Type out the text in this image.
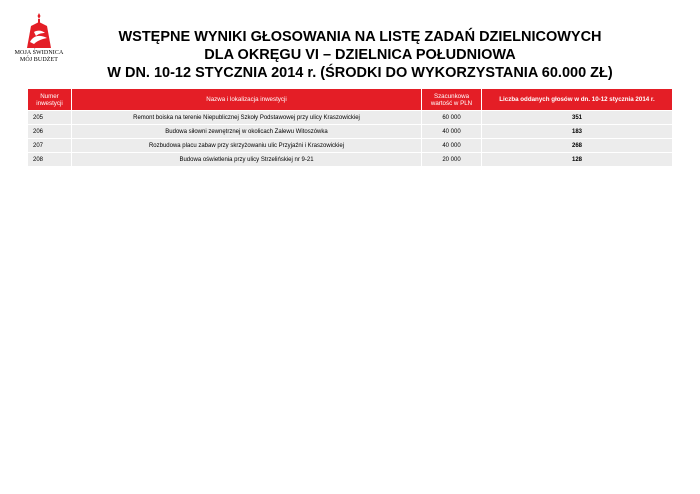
MOJA ŚWIDNICA
MÓJ BUDŻET
WSTĘPNE WYNIKI GŁOSOWANIA NA LISTĘ ZADAŃ DZIELNICOWYCH
DLA OKRĘGU VI – DZIELNICA POŁUDNIOWA
W DN. 10-12 STYCZNIA 2014 r. (ŚRODKI DO WYKORZYSTANIA 60.000 ZŁ)
Numer inwestycji	Nazwa i lokalizacja inwestycji	Szacunkowa wartość w PLN	Liczba oddanych głosów w dn. 10-12 stycznia 2014 r.
205	Remont boiska na terenie Niepublicznej Szkoły Podstawowej przy ulicy Kraszowickiej	60 000	351
206	Budowa siłowni zewnętrznej w okolicach Zalewu Witoszówka	40 000	183
207	Rozbudowa placu zabaw przy skrzyżowaniu ulic Przyjaźni i Kraszowickiej	40 000	268
208	Budowa oświetlenia przy ulicy Strzelińskiej nr 9-21	20 000	128
